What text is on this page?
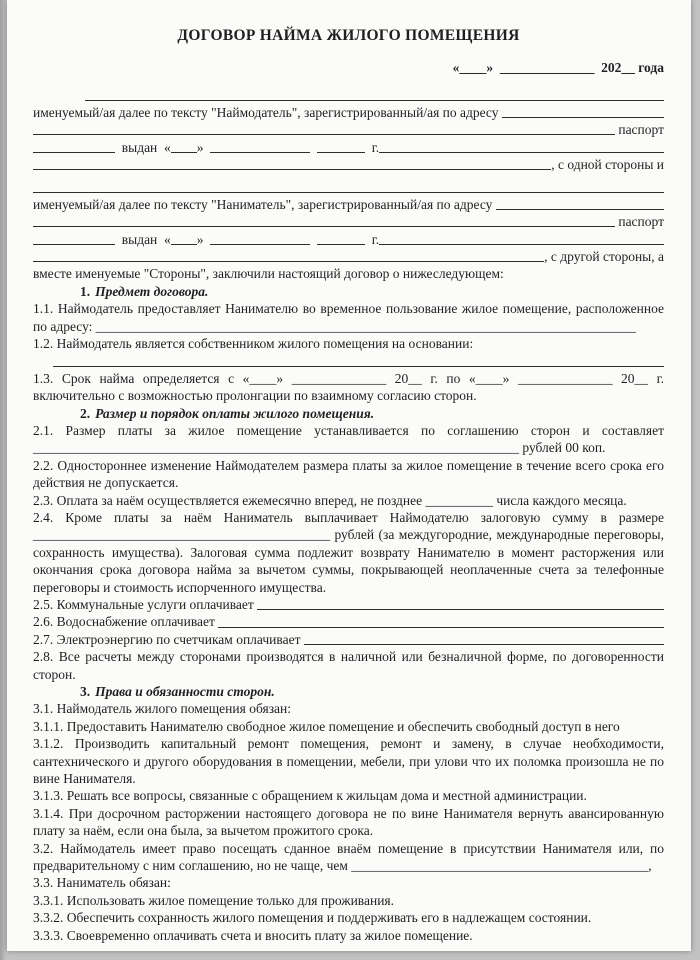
ДОГОВОР НАЙМА ЖИЛОГО ПОМЕЩЕНИЯ
«____»  ______________  202__ года
именуемый/ая далее по тексту "Наймодатель", зарегистрированный/ая по адресу
паспорт
выдан  « »
	г.
, с одной стороны и
именуемый/ая далее по тексту "Наниматель", зарегистрированный/ая по адресу
паспорт
выдан  « »
	г.
, с другой стороны, а

вместе именуемые "Стороны", заключили настоящий договор о нижеследующем:

1. Предмет договора.

1.1. Наймодатель предоставляет Нанимателю во временное пользование жилое помещение, расположенное по адресу: ________________________________________________________________________________

1.2. Наймодатель является собственником жилого помещения на основании:

1.3. Срок найма определяется с «____» ______________ 20__ г. по «____» ______________ 20__ г. включительно с возможностью пролонгации по взаимному согласию сторон.

2. Размер и порядок оплаты жилого помещения.

2.1. Размер платы за жилое помещение устанавливается по соглашению сторон и составляет ________________________________________________________________________ рублей 00 коп.

2.2. Одностороннее изменение Наймодателем размера платы за жилое помещение в течение всего срока его действия не допускается.

2.3. Оплата за наём осуществляется ежемесячно вперед, не позднее __________ числа каждого месяца.

2.4. Кроме платы за наём Наниматель выплачивает Наймодателю залоговую сумму в размере ____________________________________________ рублей (за междугородние, международные переговоры, сохранность имущества). Залоговая сумма подлежит возврату Нанимателю в момент расторжения или окончания срока договора найма за вычетом суммы, покрывающей неоплаченные счета за телефонные переговоры и стоимость испорченного имущества.

2.5. Коммунальные услуги оплачивает
2.6. Водоснабжение оплачивает
2.7. Электроэнергию по счетчикам оплачивает

2.8. Все расчеты между сторонами производятся в наличной или безналичной форме, по договоренности сторон.

3. Права и обязанности сторон.

3.1. Наймодатель жилого помещения обязан:

3.1.1. Предоставить Нанимателю свободное жилое помещение и обеспечить свободный доступ в него

3.1.2. Производить капитальный ремонт помещения, ремонт и замену, в случае необходимости, сантехнического и другого оборудования в помещении, мебели, при улови что их поломка произошла не по вине Нанимателя.

3.1.3. Решать все вопросы, связанные с обращением к жильцам дома и местной администрации.

3.1.4. При досрочном расторжении настоящего договора не по вине Нанимателя вернуть авансированную плату за наём, если она была, за вычетом прожитого срока.

3.2. Наймодатель имеет право посещать сданное внаём помещение в присутствии Нанимателя или, по предварительному с ним соглашению, но не чаще, чем ____________________________________________,

3.3. Наниматель обязан:

3.3.1. Использовать жилое помещение только для проживания.

3.3.2. Обеспечить сохранность жилого помещения и поддерживать его в надлежащем состоянии.

3.3.3. Своевременно оплачивать счета и вносить плату за жилое помещение.
